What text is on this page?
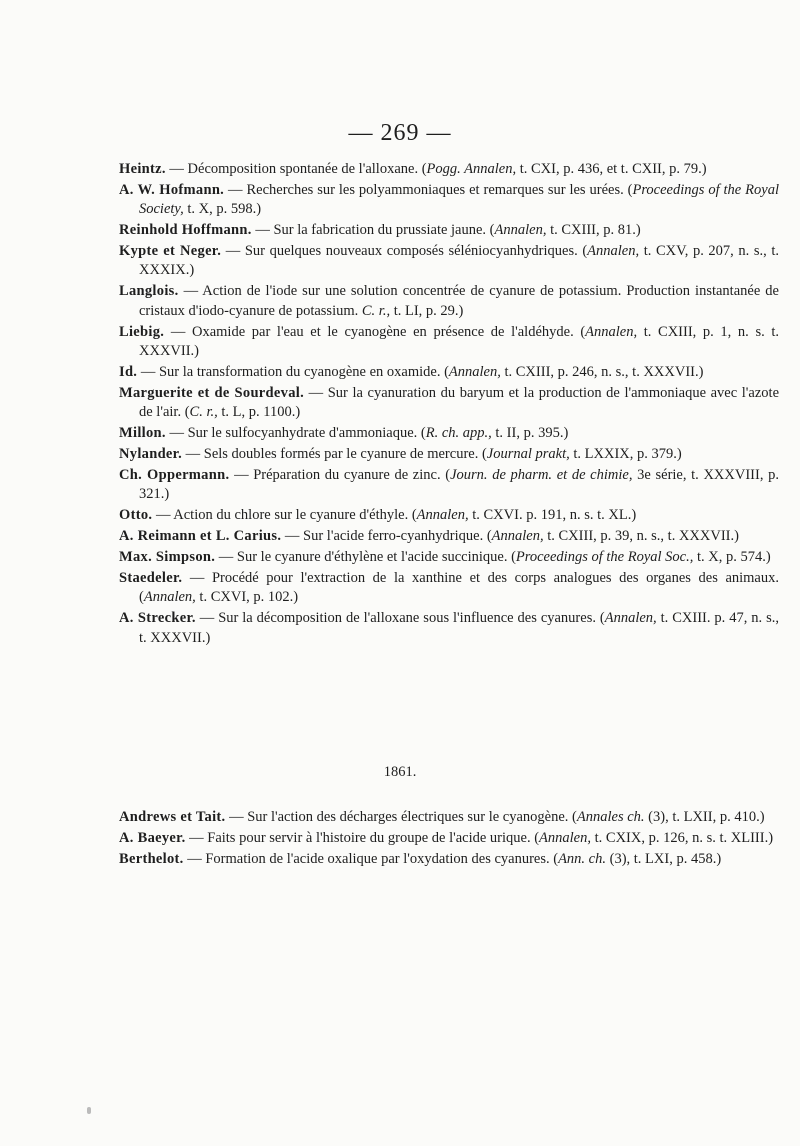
— 269 —

Heintz. — Décomposition spontanée de l'alloxane. (Pogg. Annalen, t. CXI, p. 436, et t. CXII, p. 79.)

A. W. Hofmann. — Recherches sur les polyammoniaques et remarques sur les urées. (Proceedings of the Royal Society, t. X, p. 598.)

Reinhold Hoffmann. — Sur la fabrication du prussiate jaune. (Annalen, t. CXIII, p. 81.)

Kypte et Neger. — Sur quelques nouveaux composés séléniocyanhydriques. (Annalen, t. CXV, p. 207, n. s., t. XXXIX.)

Langlois. — Action de l'iode sur une solution concentrée de cyanure de potassium. Production instantanée de cristaux d'iodo-cyanure de potassium. C. r., t. LI, p. 29.)

Liebig. — Oxamide par l'eau et le cyanogène en présence de l'aldéhyde. (Annalen, t. CXIII, p. 1, n. s. t. XXXVII.)

Id. — Sur la transformation du cyanogène en oxamide. (Annalen, t. CXIII, p. 246, n. s., t. XXXVII.)

Marguerite et de Sourdeval. — Sur la cyanuration du baryum et la production de l'ammoniaque avec l'azote de l'air. (C. r., t. L, p. 1100.)

Millon. — Sur le sulfocyanhydrate d'ammoniaque. (R. ch. app., t. II, p. 395.)

Nylander. — Sels doubles formés par le cyanure de mercure. (Journal prakt, t. LXXIX, p. 379.)

Ch. Oppermann. — Préparation du cyanure de zinc. (Journ. de pharm. et de chimie, 3e série, t. XXXVIII, p. 321.)

Otto. — Action du chlore sur le cyanure d'éthyle. (Annalen, t. CXVI. p. 191, n. s. t. XL.)

A. Reimann et L. Carius. — Sur l'acide ferro-cyanhydrique. (Annalen, t. CXIII, p. 39, n. s., t. XXXVII.)

Max. Simpson. — Sur le cyanure d'éthylène et l'acide succinique. (Proceedings of the Royal Soc., t. X, p. 574.)

Staedeler. — Procédé pour l'extraction de la xanthine et des corps analogues des organes des animaux. (Annalen, t. CXVI, p. 102.)

A. Strecker. — Sur la décomposition de l'alloxane sous l'influence des cyanures. (Annalen, t. CXIII. p. 47, n. s., t. XXXVII.)

1861.

Andrews et Tait. — Sur l'action des décharges électriques sur le cyanogène. (Annales ch. (3), t. LXII, p. 410.)

A. Baeyer. — Faits pour servir à l'histoire du groupe de l'acide urique. (Annalen, t. CXIX, p. 126, n. s. t. XLIII.)

Berthelot. — Formation de l'acide oxalique par l'oxydation des cyanures. (Ann. ch. (3), t. LXI, p. 458.)
